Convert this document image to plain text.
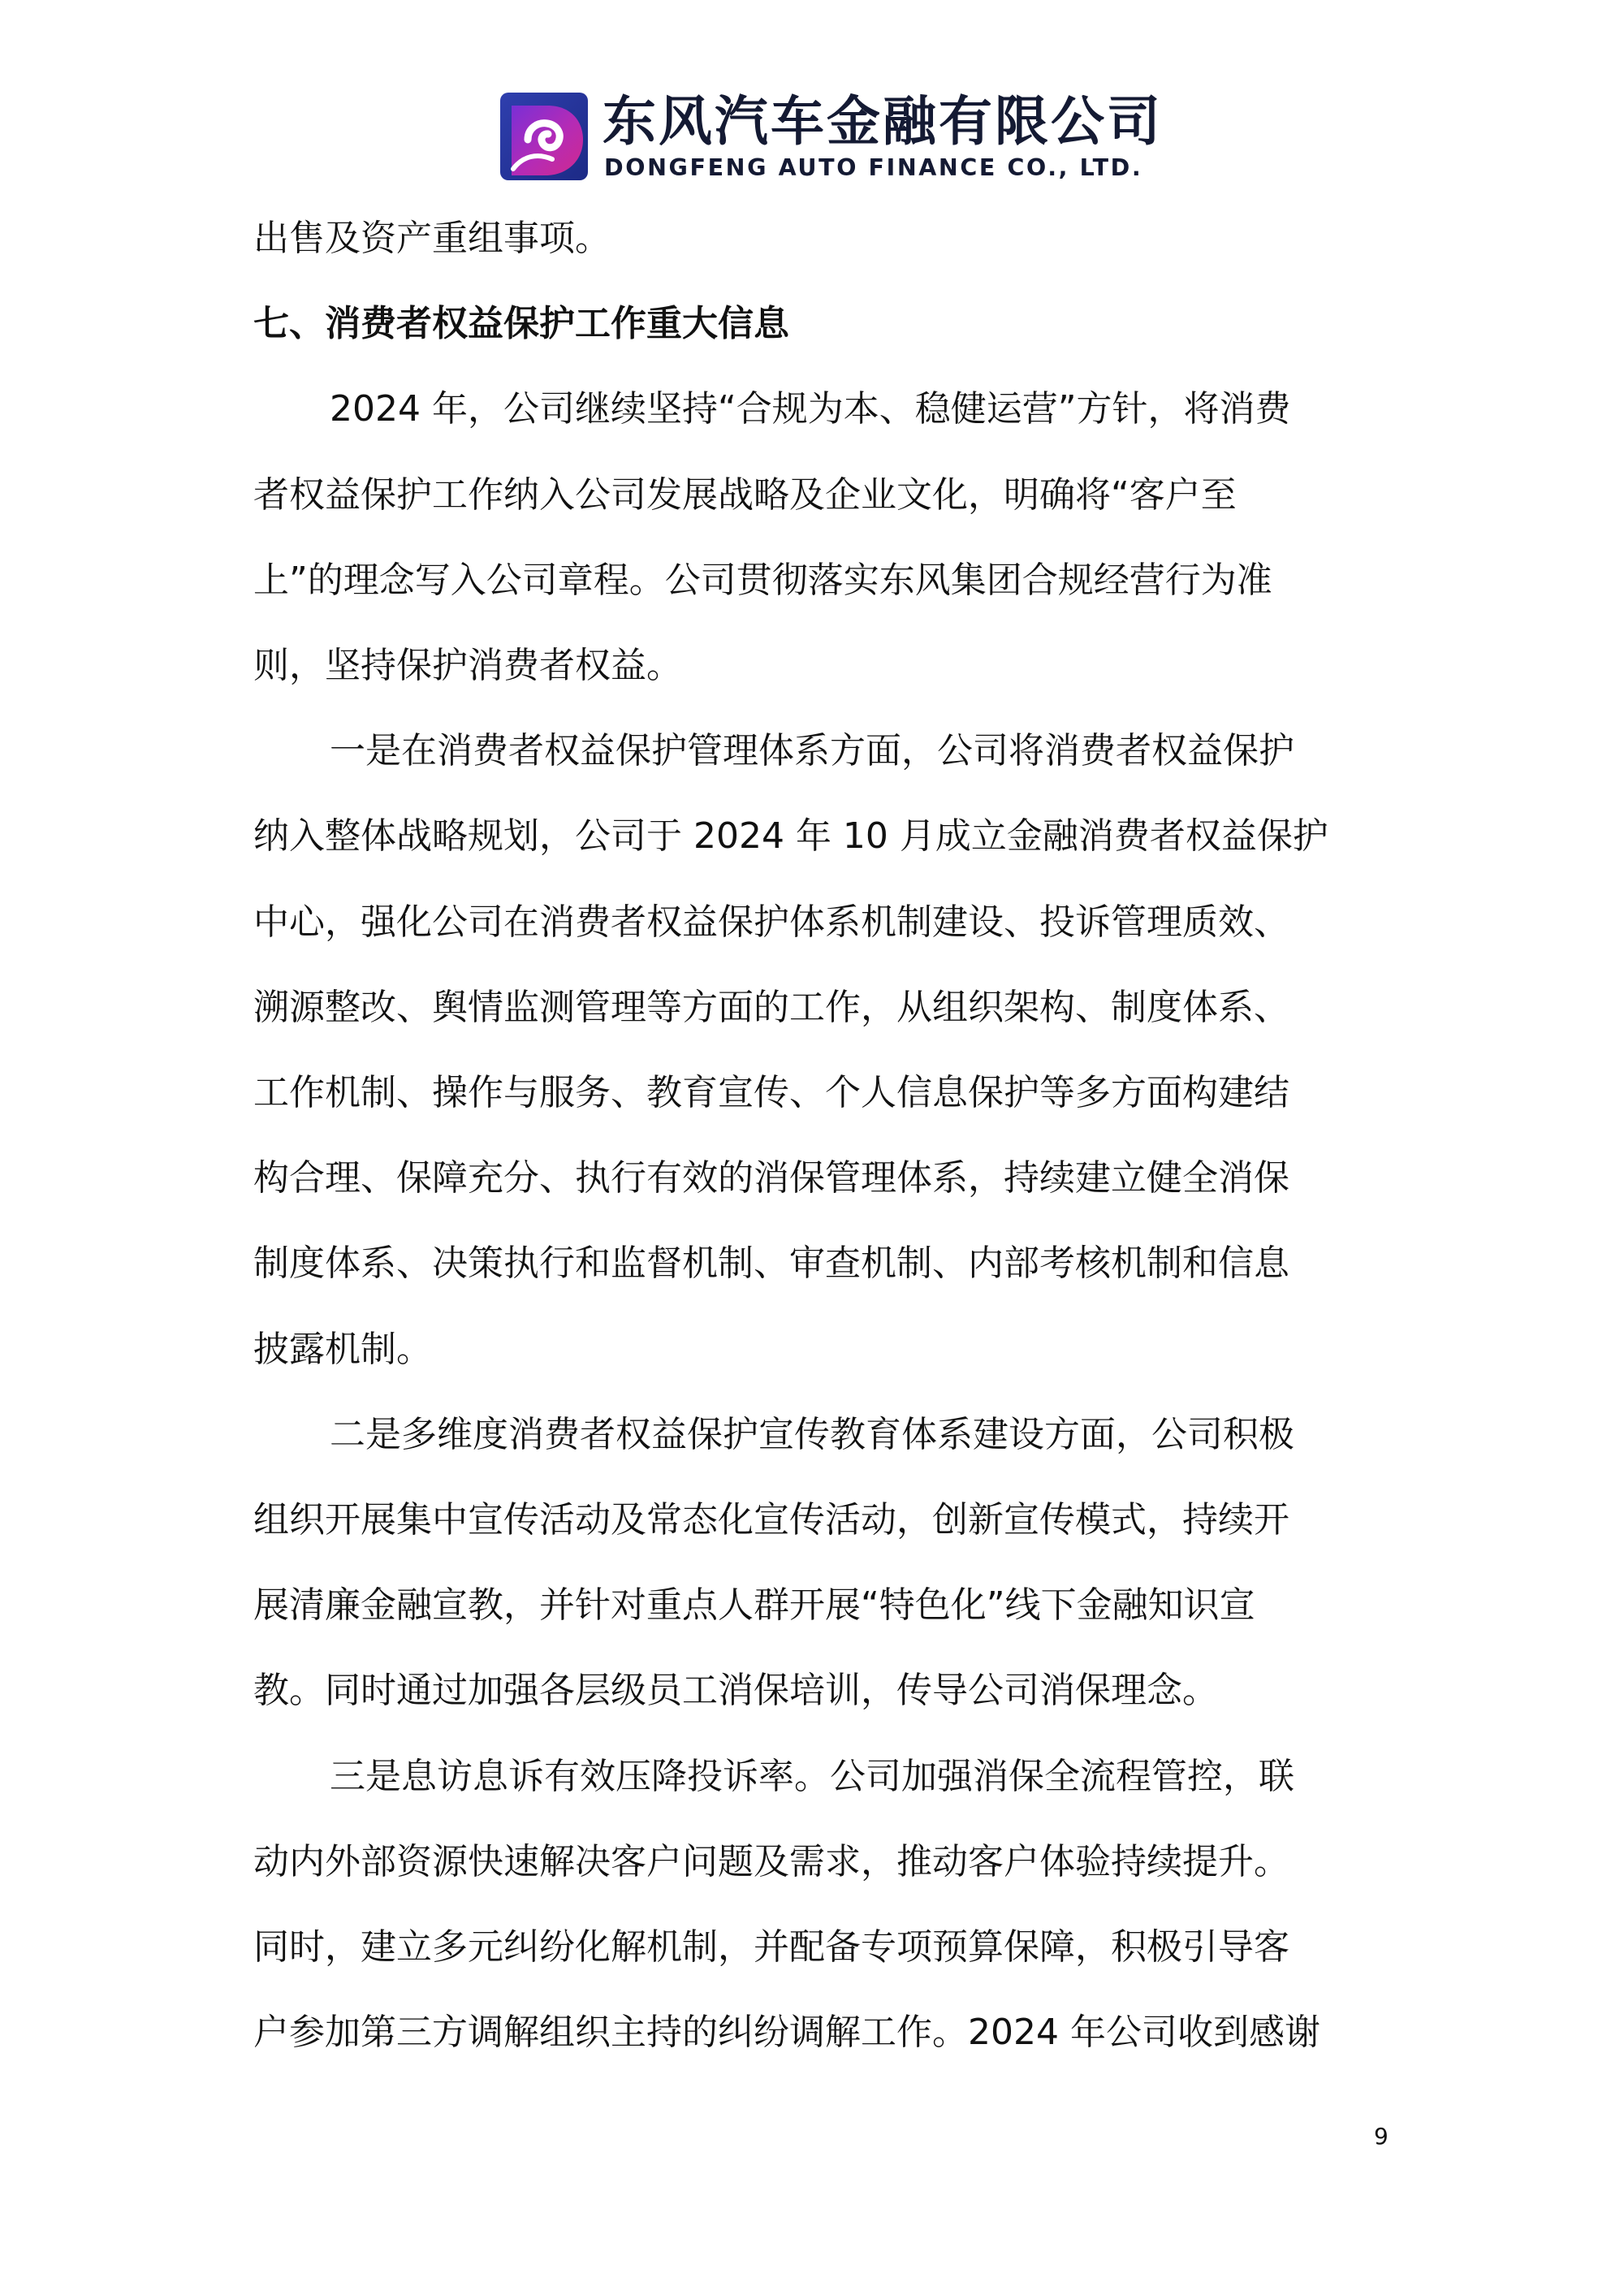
东风汽车金融有限公司
DONGFENG AUTO FINANCE CO., LTD.
出售及资产重组事项。
七、消费者权益保护工作重大信息
2024 年，公司继续坚持“合规为本、稳健运营”方针，将消费
者权益保护工作纳入公司发展战略及企业文化，明确将“客户至
上”的理念写入公司章程。公司贯彻落实东风集团合规经营行为准
则，坚持保护消费者权益。
一是在消费者权益保护管理体系方面，公司将消费者权益保护
纳入整体战略规划，公司于 2024 年 10 月成立金融消费者权益保护
中心，强化公司在消费者权益保护体系机制建设、投诉管理质效、
溯源整改、舆情监测管理等方面的工作，从组织架构、制度体系、
工作机制、操作与服务、教育宣传、个人信息保护等多方面构建结
构合理、保障充分、执行有效的消保管理体系，持续建立健全消保
制度体系、决策执行和监督机制、审查机制、内部考核机制和信息
披露机制。
二是多维度消费者权益保护宣传教育体系建设方面，公司积极
组织开展集中宣传活动及常态化宣传活动，创新宣传模式，持续开
展清廉金融宣教，并针对重点人群开展“特色化”线下金融知识宣
教。同时通过加强各层级员工消保培训，传导公司消保理念。
三是息访息诉有效压降投诉率。公司加强消保全流程管控，联
动内外部资源快速解决客户问题及需求，推动客户体验持续提升。
同时，建立多元纠纷化解机制，并配备专项预算保障，积极引导客
户参加第三方调解组织主持的纠纷调解工作。2024 年公司收到感谢
9
